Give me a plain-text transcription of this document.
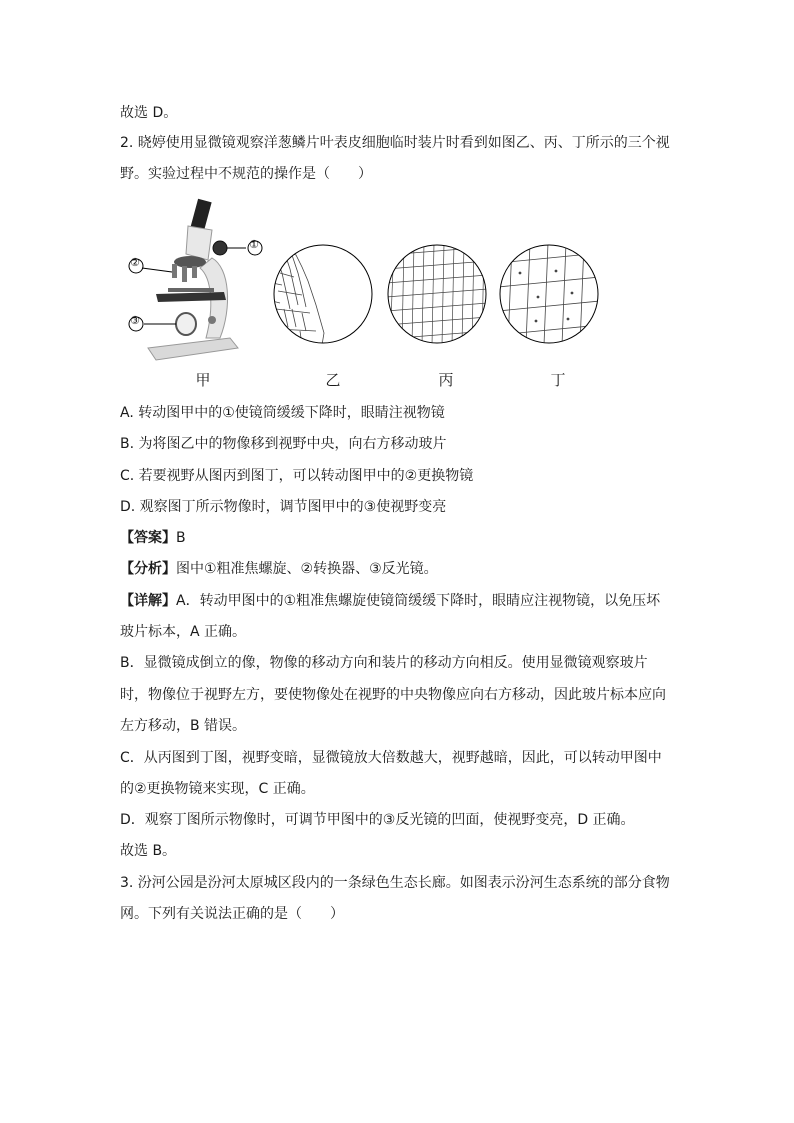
故选 D。
2. 晓婷使用显微镜观察洋葱鳞片叶表皮细胞临时装片时看到如图乙、丙、丁所示的三个视
野。实验过程中不规范的操作是（　　）
①
②
③
甲	乙	丙	丁
A. 转动图甲中的①使镜筒缓缓下降时，眼睛注视物镜
B. 为将图乙中的物像移到视野中央，向右方移动玻片
C. 若要视野从图丙到图丁，可以转动图甲中的②更换物镜
D. 观察图丁所示物像时，调节图甲中的③使视野变亮
【答案】B
【分析】图中①粗准焦螺旋、②转换器、③反光镜。
【详解】A．转动甲图中的①粗准焦螺旋使镜筒缓缓下降时，眼睛应注视物镜，以免压坏
玻片标本，A 正确。
B．显微镜成倒立的像，物像的移动方向和装片的移动方向相反。使用显微镜观察玻片
时，物像位于视野左方，要使物像处在视野的中央物像应向右方移动，因此玻片标本应向
左方移动，B 错误。
C．从丙图到丁图，视野变暗，显微镜放大倍数越大，视野越暗，因此，可以转动甲图中
的②更换物镜来实现，C 正确。
D．观察丁图所示物像时，可调节甲图中的③反光镜的凹面，使视野变亮，D 正确。
故选 B。
3. 汾河公园是汾河太原城区段内的一条绿色生态长廊。如图表示汾河生态系统的部分食物
网。下列有关说法正确的是（　　）
